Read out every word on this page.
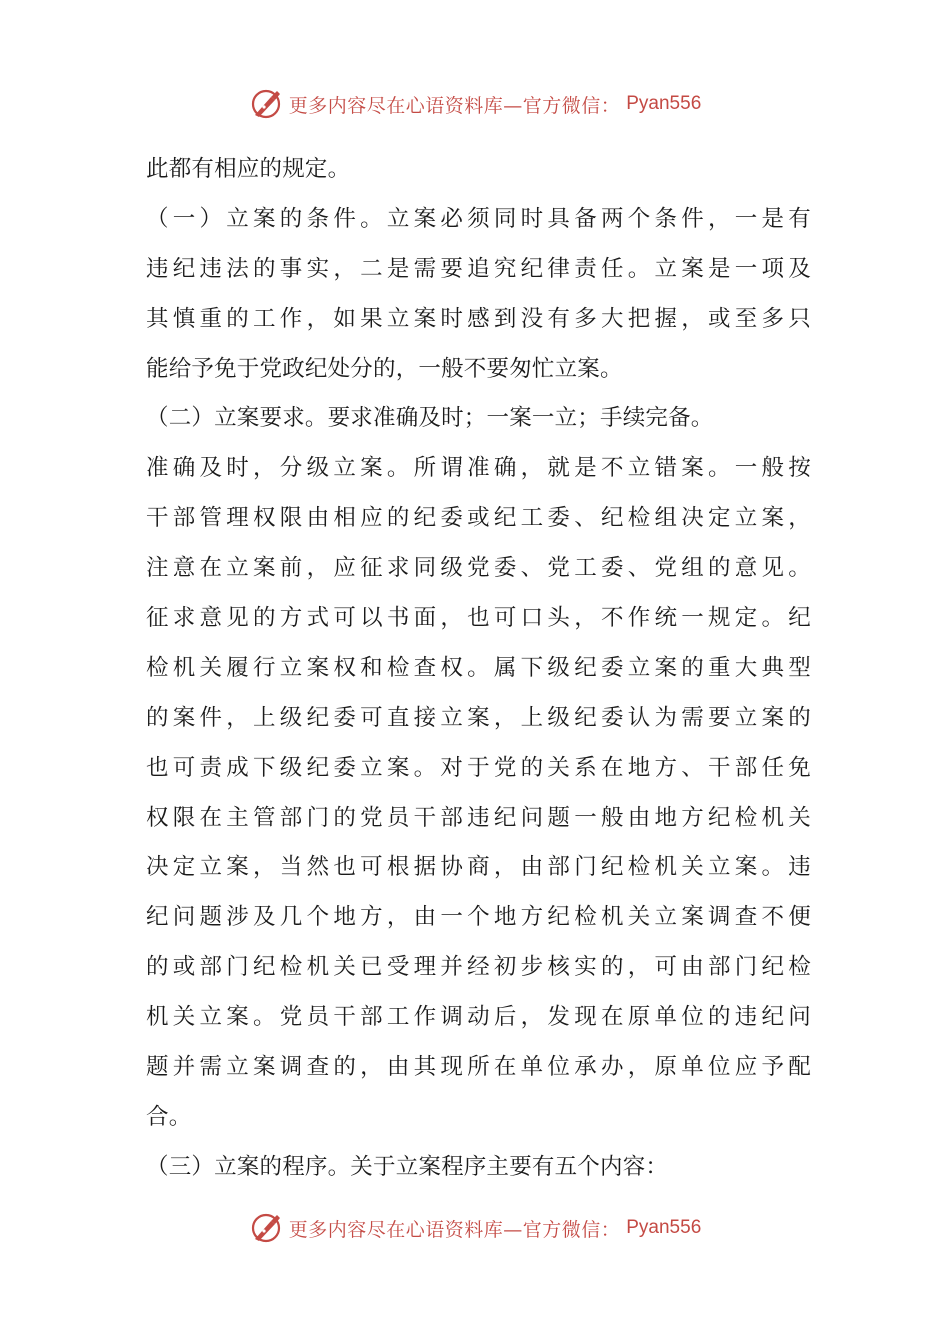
更多内容尽在心语资料库—官方微信： Pyan556
此都有相应的规定。
（一）立案的条件。立案必须同时具备两个条件，一是有
违纪违法的事实，二是需要追究纪律责任。立案是一项及
其慎重的工作，如果立案时感到没有多大把握，或至多只
能给予免于党政纪处分的，一般不要匆忙立案。
（二）立案要求。要求准确及时；一案一立；手续完备。
准确及时，分级立案。所谓准确，就是不立错案。一般按
干部管理权限由相应的纪委或纪工委、纪检组决定立案，
注意在立案前，应征求同级党委、党工委、党组的意见。
征求意见的方式可以书面，也可口头，不作统一规定。纪
检机关履行立案权和检查权。属下级纪委立案的重大典型
的案件，上级纪委可直接立案，上级纪委认为需要立案的
也可责成下级纪委立案。对于党的关系在地方、干部任免
权限在主管部门的党员干部违纪问题一般由地方纪检机关
决定立案，当然也可根据协商，由部门纪检机关立案。违
纪问题涉及几个地方，由一个地方纪检机关立案调查不便
的或部门纪检机关已受理并经初步核实的，可由部门纪检
机关立案。党员干部工作调动后，发现在原单位的违纪问
题并需立案调查的，由其现所在单位承办，原单位应予配
合。
（三）立案的程序。关于立案程序主要有五个内容：
更多内容尽在心语资料库—官方微信： Pyan556
